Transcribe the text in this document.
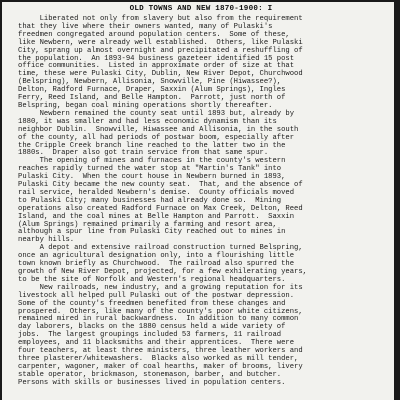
OLD TOWNS AND NEW 1870-1900: I
Liberated not only from slavery but also from the requirement
that they live where their owners wanted, many of Pulaski's
freedmen congregated around population centers.  Some of these,
like Newbern, were already well established.  Others, like Pulaski
City, sprang up almost overnight and precipitated a reshuffling of
the population.  An 1893-94 business gazeteer identified 15 post
office communities.  Listed in approximate order of size at that
time, these were Pulaski City, Dublin, New River Depot, Churchwood
(Belspring), Newbern, Allisonia, Snowville, Pine (Hiwassee?),
Delton, Radford Furnace, Draper, Saxxin (Alum Springs), Ingles
Ferry, Reed Island, and Belle Hampton.  Parrott, just north of
Belspring, began coal mining operations shortly thereafter.
Newbern remained the county seat until 1893 but, already by
1880, it was smaller and had less economic dynamism than its
neighbor Dublin.  Snowville, Hiwassee and Allisonia, in the south
of the county, all had periods of postwar boom, especially after
the Cripple Creek branch line reached to the latter two in the
1880s.  Draper also got train service from that same spur.
The opening of mines and furnaces in the county's western
reaches rapidly turned the water stop at "Martin's Tank" into
Pulaski City.  When the court house in Newbern burned in 1893,
Pulaski City became the new county seat.  That, and the absence of
rail service, heralded Newbern's demise.  County officials moved
to Pulaski City; many businesses had already done so.  Mining
operations also created Radford Furnace on Max Creek, Delton, Reed
Island, and the coal mines at Belle Hampton and Parrott.  Saxxin
(Alum Springs) remained primarily a farming and resort area,
although a spur line from Pulaski City reached out to mines in
nearby hills.
A depot and extensive railroad construction turned Belspring,
once an agricultural designation only, into a flourishing little
town known briefly as Churchwood.  The railroad also spurred the
growth of New River Depot, projected, for a few exhilerating years,
to be the site of Norfolk and Western's regional headquarters.
New railroads, new industry, and a growing reputation for its
livestock all helped pull Pulaski out of the postwar depression.
Some of the county's freedmen benefited from these changes and
prospered.  Others, like many of the county's poor white citizens,
remained mired in rural backwardness.  In addition to many common
day laborers, blacks on the 1880 census held a wide variety of
jobs.  The largest groupings included 53 farmers, 11 railroad
employees, and 11 blacksmiths and their apprentices.  There were
four teachers, at least three ministers, three leather workers and
three plasterer/whitewashers.  Blacks also worked as mill tender,
carpenter, wagoner, maker of coal hearths, maker of brooms, livery
stable operator, brickmason, stonemason, barber, and butcher.
Persons with skills or businesses lived in population centers.
